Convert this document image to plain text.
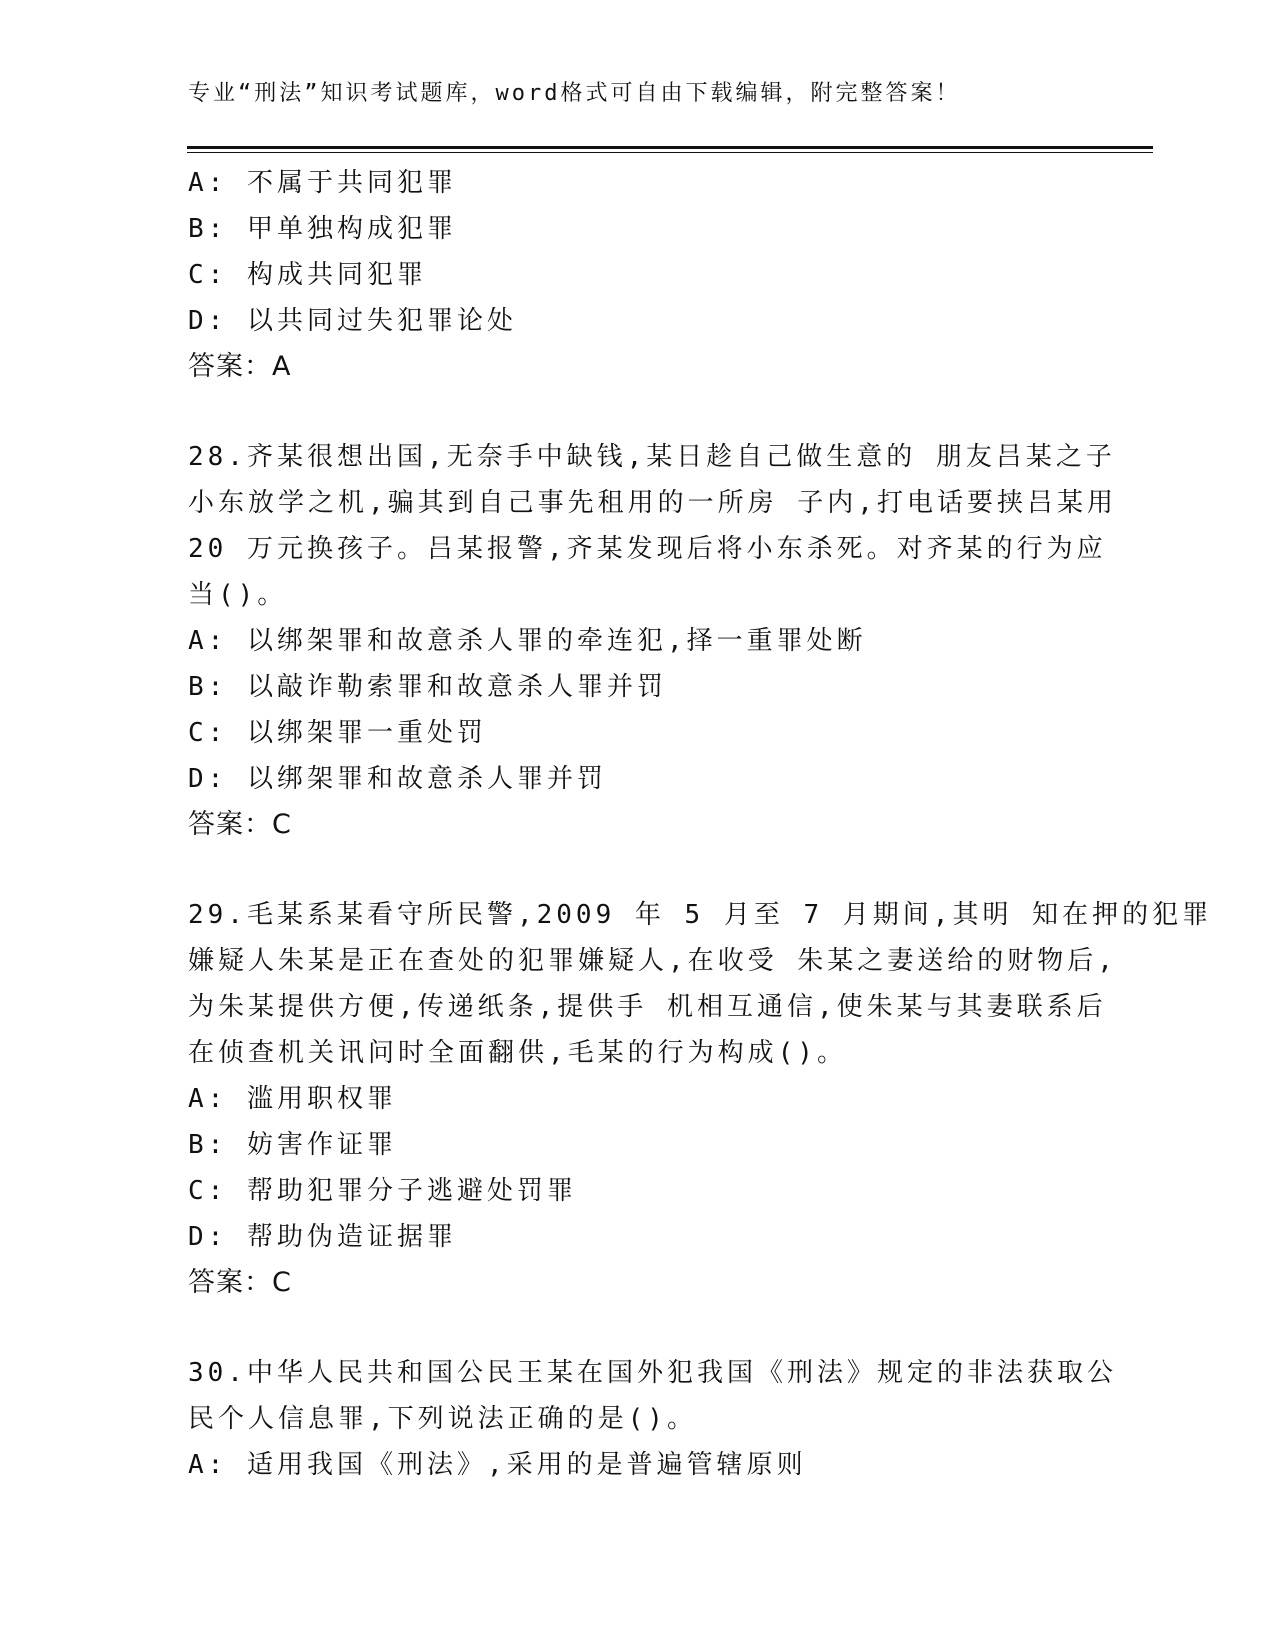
专业“刑法”知识考试题库，word格式可自由下载编辑，附完整答案！
A: 不属于共同犯罪
B: 甲单独构成犯罪
C: 构成共同犯罪
D: 以共同过失犯罪论处
答案：A
28.齐某很想出国,无奈手中缺钱,某日趁自己做生意的 朋友吕某之子
小东放学之机,骗其到自己事先租用的一所房 子内,打电话要挟吕某用
20 万元换孩子。吕某报警,齐某发现后将小东杀死。对齐某的行为应
当()。
A: 以绑架罪和故意杀人罪的牵连犯,择一重罪处断
B: 以敲诈勒索罪和故意杀人罪并罚
C: 以绑架罪一重处罚
D: 以绑架罪和故意杀人罪并罚
答案：C
29.毛某系某看守所民警,2009 年 5 月至 7 月期间,其明 知在押的犯罪
嫌疑人朱某是正在查处的犯罪嫌疑人,在收受 朱某之妻送给的财物后,
为朱某提供方便,传递纸条,提供手 机相互通信,使朱某与其妻联系后
在侦查机关讯问时全面翻供,毛某的行为构成()。
A: 滥用职权罪
B: 妨害作证罪
C: 帮助犯罪分子逃避处罚罪
D: 帮助伪造证据罪
答案：C
30.中华人民共和国公民王某在国外犯我国《刑法》规定的非法获取公
民个人信息罪,下列说法正确的是()。
A: 适用我国《刑法》,采用的是普遍管辖原则
